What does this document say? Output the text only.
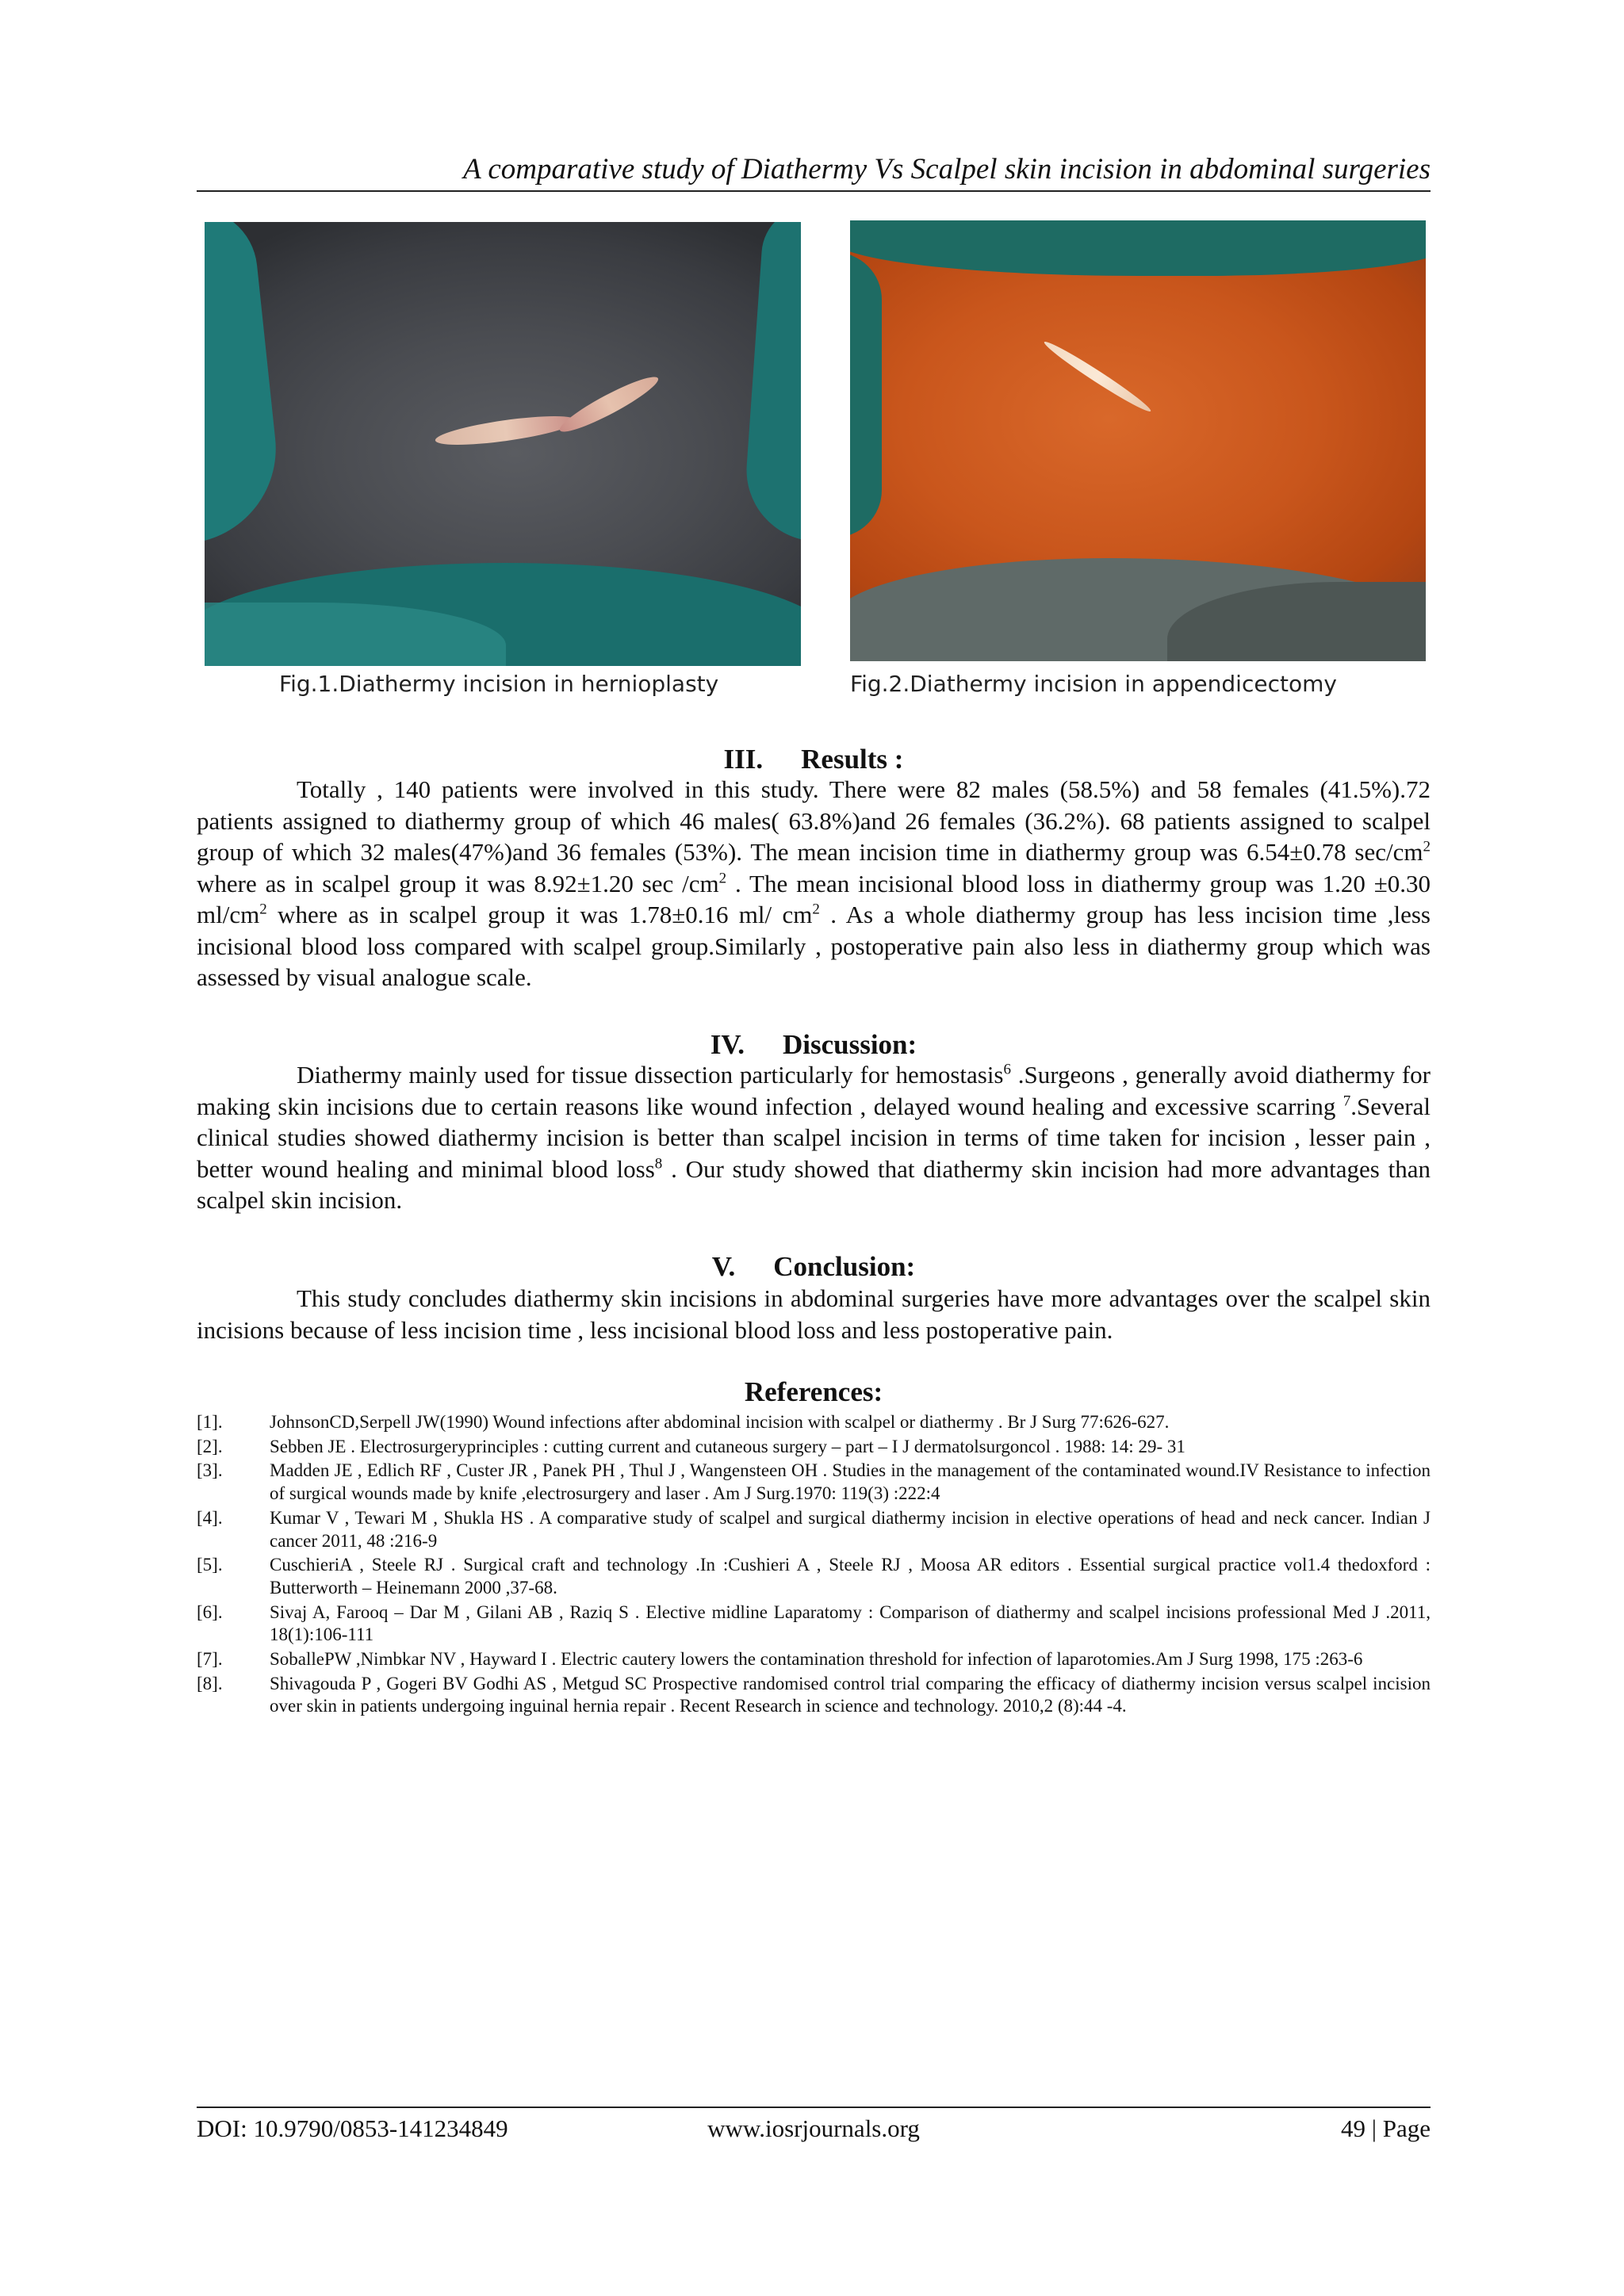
A comparative study of Diathermy Vs Scalpel skin incision in abdominal surgeries
Fig.1.Diathermy incision in hernioplasty	Fig.2.Diathermy incision in appendicectomy
III. Results :

Totally , 140 patients were involved in this study. There were 82 males (58.5%) and 58 females (41.5%).72 patients assigned to diathermy group of which 46 males( 63.8%)and 26 females (36.2%). 68 patients assigned to scalpel group of which 32 males(47%)and 36 females (53%). The mean incision time in diathermy group was 6.54±0.78 $\sec/cm^2$ where as in scalpel group it was 8.92±1.20 $\sec /cm^2$ . The mean incisional blood loss in diathermy group was 1.20 ±0.30 $ml/cm^2$ where as in scalpel group it was 1.78±0.16 ml/ $cm^2$ . As a whole diathermy group has less incision time ,less incisional blood loss compared with scalpel group.Similarly , postoperative pain also less in diathermy group which was assessed by visual analogue scale.

IV. Discussion:

Diathermy mainly used for tissue dissection particularly for hemostasis$^6$ .Surgeons , generally avoid diathermy for making skin incisions due to certain reasons like wound infection , delayed wound healing and excessive scarring $^7$.Several clinical studies showed diathermy incision is better than scalpel incision in terms of time taken for incision , lesser pain , better wound healing and minimal blood loss$^8$ . Our study showed that diathermy skin incision had more advantages than scalpel skin incision.

V. Conclusion:

This study concludes diathermy skin incisions in abdominal surgeries have more advantages over the scalpel skin incisions because of less incision time , less incisional blood loss and less postoperative pain.

References:
[1].	JohnsonCD,Serpell JW(1990) Wound infections after abdominal incision with scalpel or diathermy . Br J Surg 77:626-627.
[2].	Sebben JE . Electrosurgeryprinciples : cutting current and cutaneous surgery – part – I J dermatolsurgoncol . 1988: 14: 29- 31
[3].	Madden JE , Edlich RF , Custer JR , Panek PH , Thul J , Wangensteen OH . Studies in the management of the contaminated wound.IV Resistance to infection of surgical wounds made by knife ,electrosurgery and laser . Am J Surg.1970: 119(3) :222:4
[4].	Kumar V , Tewari M , Shukla HS . A comparative study of scalpel and surgical diathermy incision in elective operations of head and neck cancer. Indian J cancer 2011, 48 :216-9
[5].	CuschieriA , Steele RJ . Surgical craft and technology .In :Cushieri A , Steele RJ , Moosa AR editors . Essential surgical practice vol1.4 thedoxford : Butterworth – Heinemann 2000 ,37-68.
[6].	Sivaj A, Farooq – Dar M , Gilani AB , Raziq S . Elective midline Laparatomy : Comparison of diathermy and scalpel incisions professional Med J .2011, 18(1):106-111
[7].	SoballePW ,Nimbkar NV , Hayward I . Electric cautery lowers the contamination threshold for infection of laparotomies.Am J Surg 1998, 175 :263-6
[8].	Shivagouda P , Gogeri BV Godhi AS , Metgud SC Prospective randomised control trial comparing the efficacy of diathermy incision versus scalpel incision over skin in patients undergoing inguinal hernia repair . Recent Research in science and technology. 2010,2 (8):44 -4.
DOI: 10.9790/0853-141234849	www.iosrjournals.org	49 | Page
